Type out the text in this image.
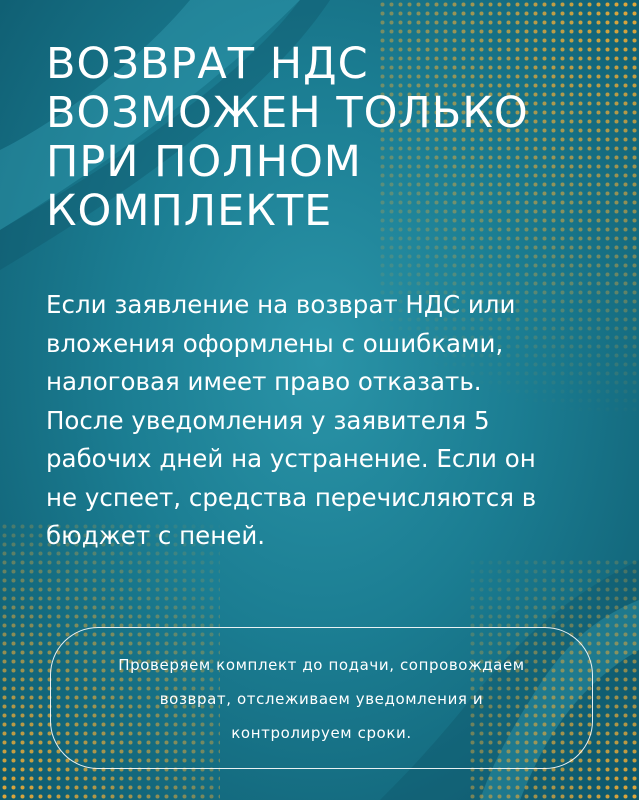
ВОЗВРАТ НДС
ВОЗМОЖЕН ТОЛЬКО
ПРИ ПОЛНОМ
КОМПЛЕКТЕ

Если заявление на возврат НДС или
вложения оформлены с ошибками,
налоговая имеет право отказать.
После уведомления у заявителя 5
рабочих дней на устранение. Если он
не успеет, средства перечисляются в
бюджет с пеней.

Проверяем комплект до подачи, сопровождаем
возврат, отслеживаем уведомления и
контролируем сроки.
